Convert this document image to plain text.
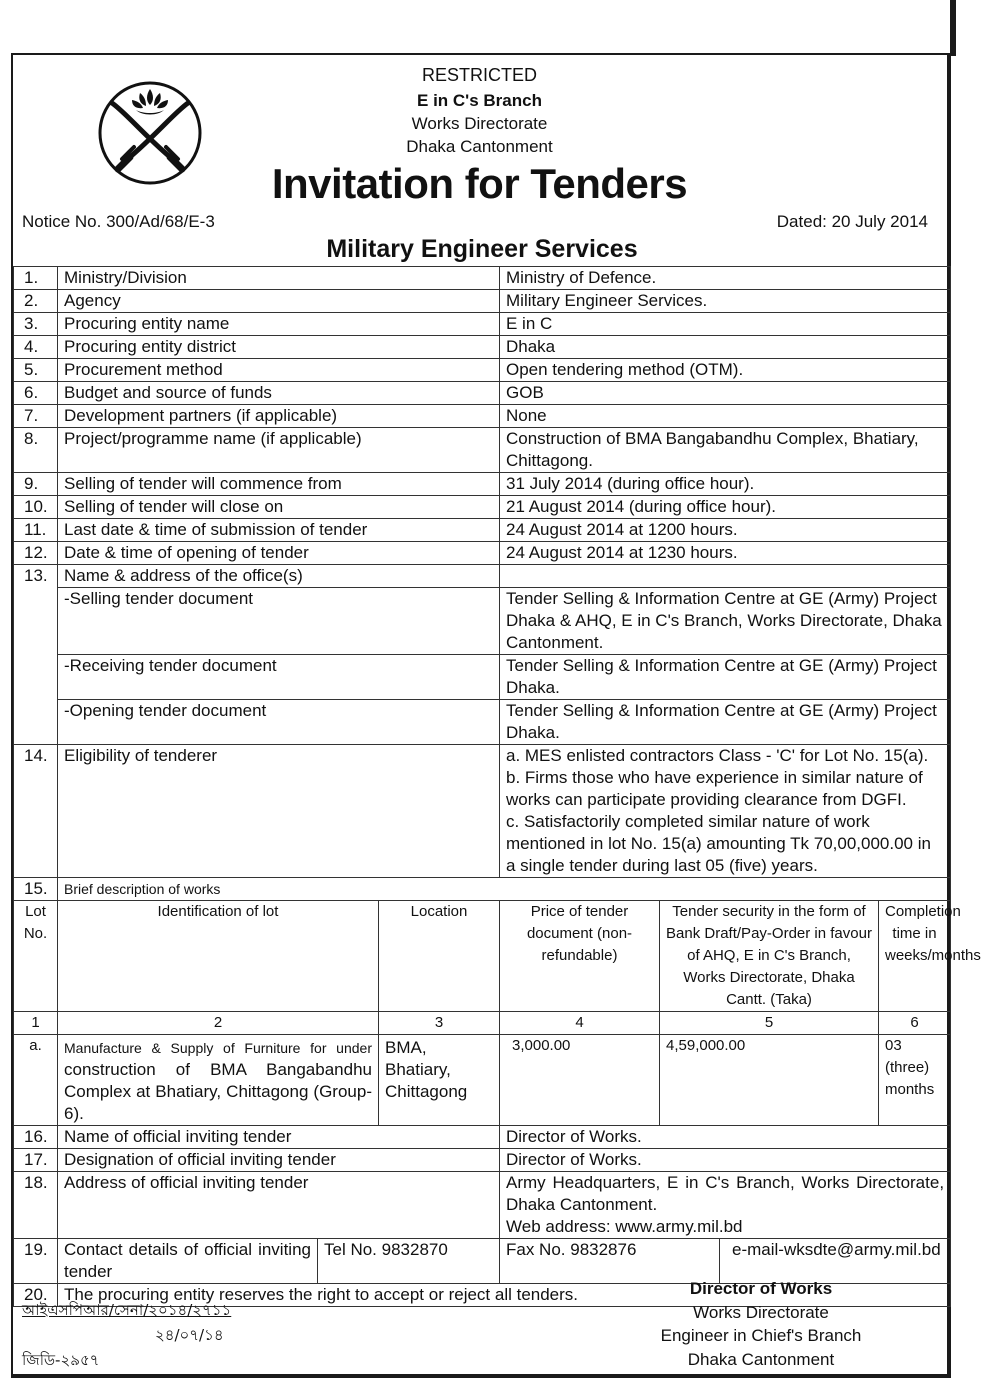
RESTRICTED
E in C's Branch
Works Directorate
Dhaka Cantonment
Invitation for Tenders
Notice No. 300/Ad/68/E-3	Dated: 20 July 2014
Military Engineer Services
1.	Ministry/Division			Ministry of Defence.			
2.	Agency			Military Engineer Services.			
3.	Procuring entity name			E in C			
4.	Procuring entity district			Dhaka			
5.	Procurement method			Open tendering method (OTM).			
6.	Budget and source of funds			GOB			
7.	Development partners (if applicable)			None			
8.	Project/programme name (if applicable)			Construction of BMA Bangabandhu Complex, Bhatiary, Chittagong.			
9.	Selling of tender will commence from			31 July 2014 (during office hour).			
10.	Selling of tender will close on			21 August 2014 (during office hour).			
11.	Last date & time of submission of tender			24 August 2014 at 1200 hours.			
12.	Date & time of opening of tender			24 August 2014 at 1230 hours.			
13.	Name & address of the office(s)						
	-Selling tender document			Tender Selling & Information Centre at GE (Army) Project Dhaka & AHQ, E in C's Branch, Works Directorate, Dhaka Cantonment.			
	-Receiving tender document			Tender Selling & Information Centre at GE (Army) Project Dhaka.			
	-Opening tender document			Tender Selling & Information Centre at GE (Army) Project Dhaka.			
14.	Eligibility of tenderer			a. MES enlisted contractors Class - 'C' for Lot No. 15(a).
b. Firms those who have experience in similar nature of works can participate providing clearance from DGFI.
c. Satisfactorily completed similar nature of work mentioned in lot No. 15(a) amounting Tk 70,00,000.00 in a single tender during last 05 (five) years.			

15.	Brief description of works						
Lot No.	Identification of lot		Location	Price of tender document (non-refundable)	Tender security in the form of Bank Draft/Pay-Order in favour of AHQ, E in C's Branch, Works Directorate, Dhaka Cantt. (Taka)		Completion time in weeks/months
1	2		3	4	5		6
a.	Manufacture & Supply of Furniture for under construction of BMA Bangabandhu Complex at Bhatiary, Chittagong (Group-6).		BMA, Bhatiary, Chittagong	3,000.00	4,59,000.00		03 (three) months
16.	Name of official inviting tender			Director of Works.			
17.	Designation of official inviting tender			Director of Works.			
18.	Address of official inviting tender			Army Headquarters, E in C's Branch, Works Directorate, Dhaka Cantonment.
Web address: www.army.mil.bd			

19.	Contact details of official inviting tender	Tel No. 9832870		Fax No. 9832876		e-mail-wksdte@army.mil.bd	
20.	The procuring entity reserves the right to accept or reject all tenders.							Director of Works
Works Directorate
Engineer in Chief's Branch
Dhaka Cantonment
আইএসপিআর/সেনা/২০১৪/২৭১১
২৪/০৭/১৪
জিডি-২৯৫৭
